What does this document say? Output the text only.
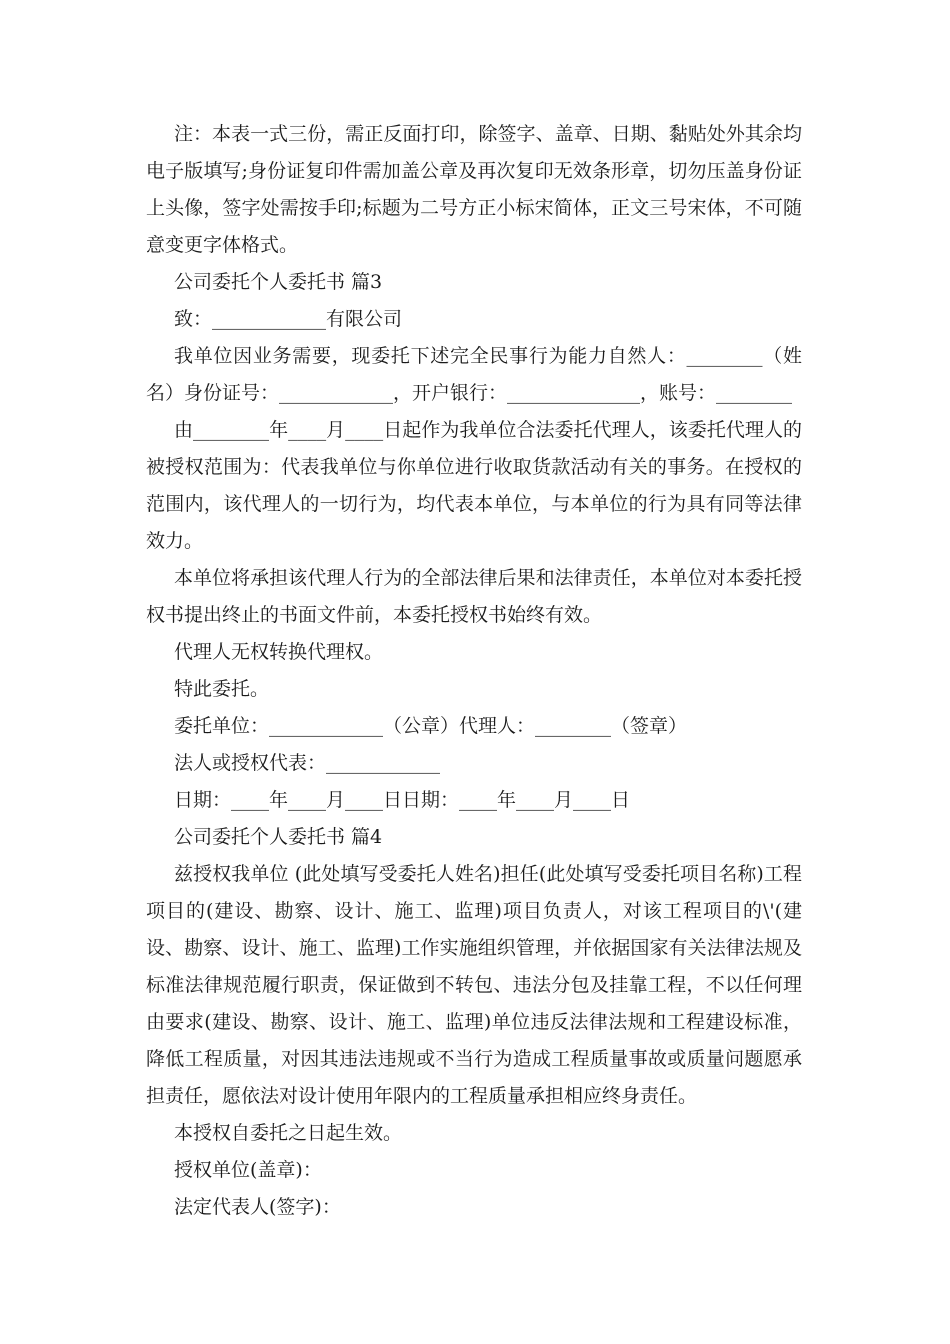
注：本表一式三份，需正反面打印，除签字、盖章、日期、黏贴处外其余均电子版填写;身份证复印件需加盖公章及再次复印无效条形章，切勿压盖身份证上头像，签字处需按手印;标题为二号方正小标宋简体，正文三号宋体，不可随意变更字体格式。

公司委托个人委托书 篇3

致：____________有限公司

我单位因业务需要，现委托下述完全民事行为能力自然人：________（姓名）身份证号：____________，开户银行：______________，账号：________

由________年____月____日起作为我单位合法委托代理人，该委托代理人的被授权范围为：代表我单位与你单位进行收取货款活动有关的事务。在授权的范围内，该代理人的一切行为，均代表本单位，与本单位的行为具有同等法律效力。

本单位将承担该代理人行为的全部法律后果和法律责任，本单位对本委托授权书提出终止的书面文件前，本委托授权书始终有效。

代理人无权转换代理权。

特此委托。

委托单位：____________（公章）代理人：________（签章）

法人或授权代表：____________

日期：____年____月____日日期：____年____月____日

公司委托个人委托书 篇4

兹授权我单位 (此处填写受委托人姓名)担任(此处填写受委托项目名称)工程项目的(建设、勘察、设计、施工、监理)项目负责人，对该工程项目的\'(建设、勘察、设计、施工、监理)工作实施组织管理，并依据国家有关法律法规及标准法律规范履行职责，保证做到不转包、违法分包及挂靠工程，不以任何理由要求(建设、勘察、设计、施工、监理)单位违反法律法规和工程建设标准，降低工程质量，对因其违法违规或不当行为造成工程质量事故或质量问题愿承担责任，愿依法对设计使用年限内的工程质量承担相应终身责任。

本授权自委托之日起生效。

授权单位(盖章)：

法定代表人(签字)：
